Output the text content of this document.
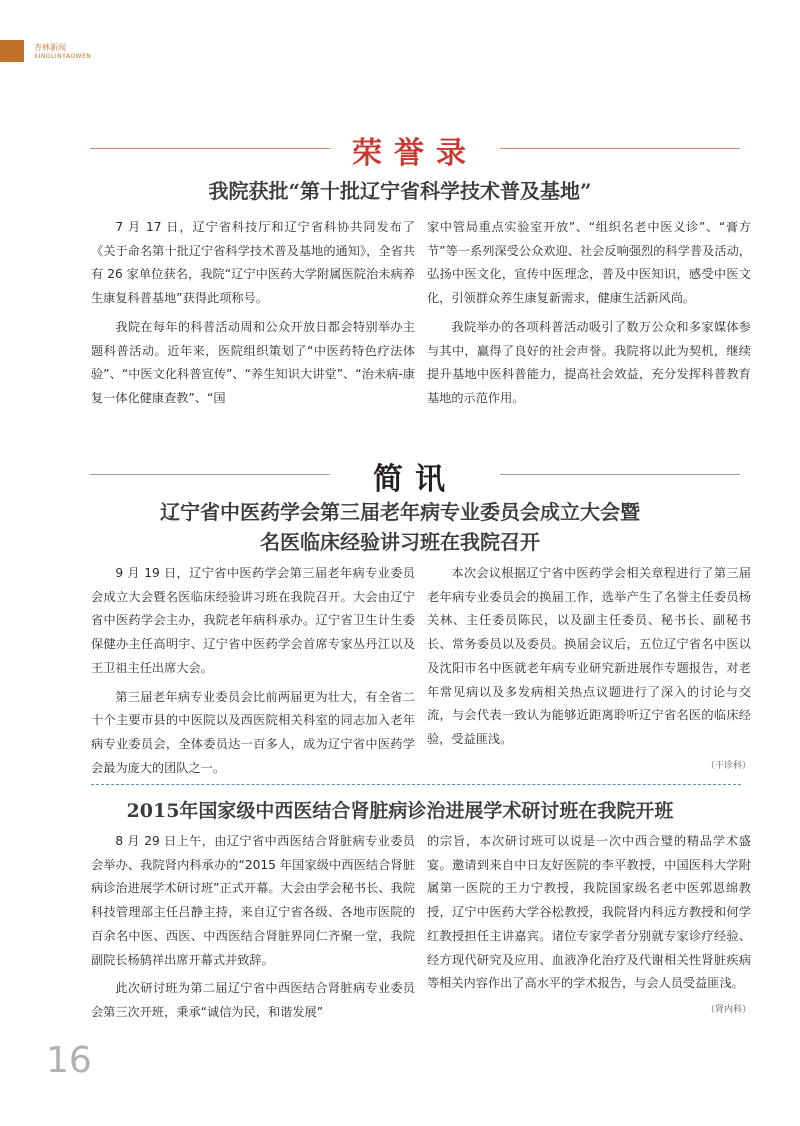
杏林新闻
XINGLINYAOWEN
荣誉录
我院获批“第十批辽宁省科学技术普及基地”

7 月 17 日，辽宁省科技厅和辽宁省科协共同发布了《关于命名第十批辽宁省科学技术普及基地的通知》，全省共有 26 家单位获名，我院“辽宁中医药大学附属医院治未病养生康复科普基地”获得此项称号。

我院在每年的科普活动周和公众开放日都会特别举办主题科普活动。近年来，医院组织策划了“中医药特色疗法体验”、“中医文化科普宣传”、“养生知识大讲堂”、“治未病-康复一体化健康查教”、“国

家中管局重点实验室开放”、“组织名老中医义诊”、“膏方节”等一系列深受公众欢迎、社会反响强烈的科学普及活动，弘扬中医文化，宣传中医理念，普及中医知识，感受中医文化，引领群众养生康复新需求，健康生活新风尚。

我院举办的各项科普活动吸引了数万公众和多家媒体参与其中，赢得了良好的社会声誉。我院将以此为契机，继续提升基地中医科普能力，提高社会效益，充分发挥科普教育基地的示范作用。

简讯
辽宁省中医药学会第三届老年病专业委员会成立大会暨
名医临床经验讲习班在我院召开

9 月 19 日，辽宁省中医药学会第三届老年病专业委员会成立大会暨名医临床经验讲习班在我院召开。大会由辽宁省中医药学会主办，我院老年病科承办。辽宁省卫生计生委保健办主任高明宇、辽宁省中医药学会首席专家丛丹江以及王卫祖主任出席大会。

第三届老年病专业委员会比前两届更为壮大，有全省二十个主要市县的中医院以及西医院相关科室的同志加入老年病专业委员会，全体委员达一百多人，成为辽宁省中医药学会最为庞大的团队之一。

本次会议根据辽宁省中医药学会相关章程进行了第三届老年病专业委员会的换届工作，选举产生了名誉主任委员杨关林、主任委员陈民，以及副主任委员、秘书长、副秘书长、常务委员以及委员。换届会议后，五位辽宁省名中医以及沈阳市名中医就老年病专业研究新进展作专题报告，对老年常见病以及多发病相关热点议题进行了深入的讨论与交流，与会代表一致认为能够近距离聆听辽宁省名医的临床经验，受益匪浅。

（干诊科）
2015年国家级中西医结合肾脏病诊治进展学术研讨班在我院开班

8 月 29 日上午，由辽宁省中西医结合肾脏病专业委员会举办、我院肾内科承办的“2015 年国家级中西医结合肾脏病诊治进展学术研讨班”正式开幕。大会由学会秘书长、我院科技管理部主任吕静主持，来自辽宁省各级、各地市医院的百余名中医、西医、中西医结合肾脏界同仁齐聚一堂，我院副院长杨鸫祥出席开幕式并致辞。

此次研讨班为第二届辽宁省中西医结合肾脏病专业委员会第三次开班，秉承“诚信为民，和谐发展”

的宗旨，本次研讨班可以说是一次中西合璧的精品学术盛宴。邀请到来自中日友好医院的李平教授，中国医科大学附属第一医院的王力宁教授，我院国家级名老中医郭恩绵教授，辽宁中医药大学谷松教授，我院肾内科远方教授和何学红教授担任主讲嘉宾。诸位专家学者分别就专家诊疗经验、经方现代研究及应用、血液净化治疗及代谢相关性肾脏疾病等相关内容作出了高水平的学术报告，与会人员受益匪浅。

（肾内科）
16
